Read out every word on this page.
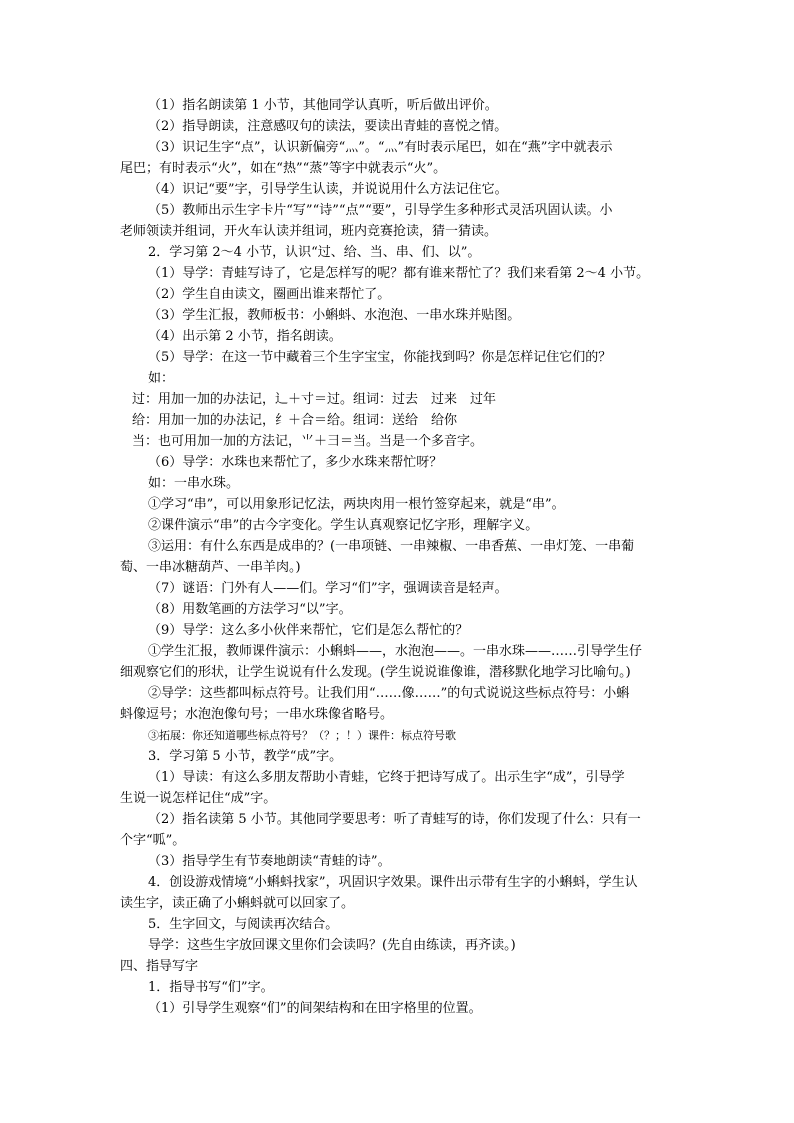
（1）指名朗读第 1 小节，其他同学认真听，听后做出评价。

（2）指导朗读，注意感叹句的读法，要读出青蛙的喜悦之情。

（3）识记生字“点”，认识新偏旁“灬”。“灬”有时表示尾巴，如在“燕”字中就表示

尾巴；有时表示“火”，如在“热”“蒸”等字中就表示“火”。

（4）识记“要”字，引导学生认读，并说说用什么方法记住它。

（5）教师出示生字卡片“写”“诗”“点”“要”，引导学生多种形式灵活巩固认读。小

老师领读并组词，开火车认读并组词，班内竞赛抢读，猜一猜读。

2．学习第 2～4 小节，认识“过、给、当、串、们、以”。

（1）导学：青蛙写诗了，它是怎样写的呢？都有谁来帮忙了？我们来看第 2～4 小节。

（2）学生自由读文，圈画出谁来帮忙了。

（3）学生汇报，教师板书：小蝌蚪、水泡泡、一串水珠并贴图。

（4）出示第 2 小节，指名朗读。

（5）导学：在这一节中藏着三个生字宝宝，你能找到吗？你是怎样记住它们的？

如：

过：用加一加的办法记，辶＋寸＝过。组词：过去　过来　过年

给：用加一加的办法记，纟＋合＝给。组词：送给　给你

当：也可用加一加的方法记，⺌＋⺕＝当。当是一个多音字。

（6）导学：水珠也来帮忙了，多少水珠来帮忙呀？

如：一串水珠。

①学习“串”，可以用象形记忆法，两块肉用一根竹签穿起来，就是“串”。

②课件演示“串”的古今字变化。学生认真观察记忆字形，理解字义。

③运用：有什么东西是成串的？(一串项链、一串辣椒、一串香蕉、一串灯笼、一串葡

萄、一串冰糖葫芦、一串羊肉。)

（7）谜语：门外有人——们。学习“们”字，强调读音是轻声。

（8）用数笔画的方法学习“以”字。

（9）导学：这么多小伙伴来帮忙，它们是怎么帮忙的？

①学生汇报，教师课件演示：小蝌蚪——，水泡泡——。一串水珠——……引导学生仔

细观察它们的形状，让学生说说有什么发现。(学生说说谁像谁，潜移默化地学习比喻句。)

②导学：这些都叫标点符号。让我们用“……像……”的句式说说这些标点符号：小蝌

蚪像逗号；水泡泡像句号；一串水珠像省略号。

③拓展：你还知道哪些标点符号？（？；！）课件：标点符号歌

3．学习第 5 小节，教学“成”字。

（1）导读：有这么多朋友帮助小青蛙，它终于把诗写成了。出示生字“成”，引导学

生说一说怎样记住“成”字。

（2）指名读第 5 小节。其他同学要思考：听了青蛙写的诗，你们发现了什么：只有一

个字“呱”。

（3）指导学生有节奏地朗读“青蛙的诗”。

4．创设游戏情境“小蝌蚪找家”，巩固识字效果。课件出示带有生字的小蝌蚪，学生认

读生字，读正确了小蝌蚪就可以回家了。

5．生字回文，与阅读再次结合。

导学：这些生字放回课文里你们会读吗？(先自由练读，再齐读。)

四、指导写字

1．指导书写“们”字。

（1）引导学生观察“们”的间架结构和在田字格里的位置。
